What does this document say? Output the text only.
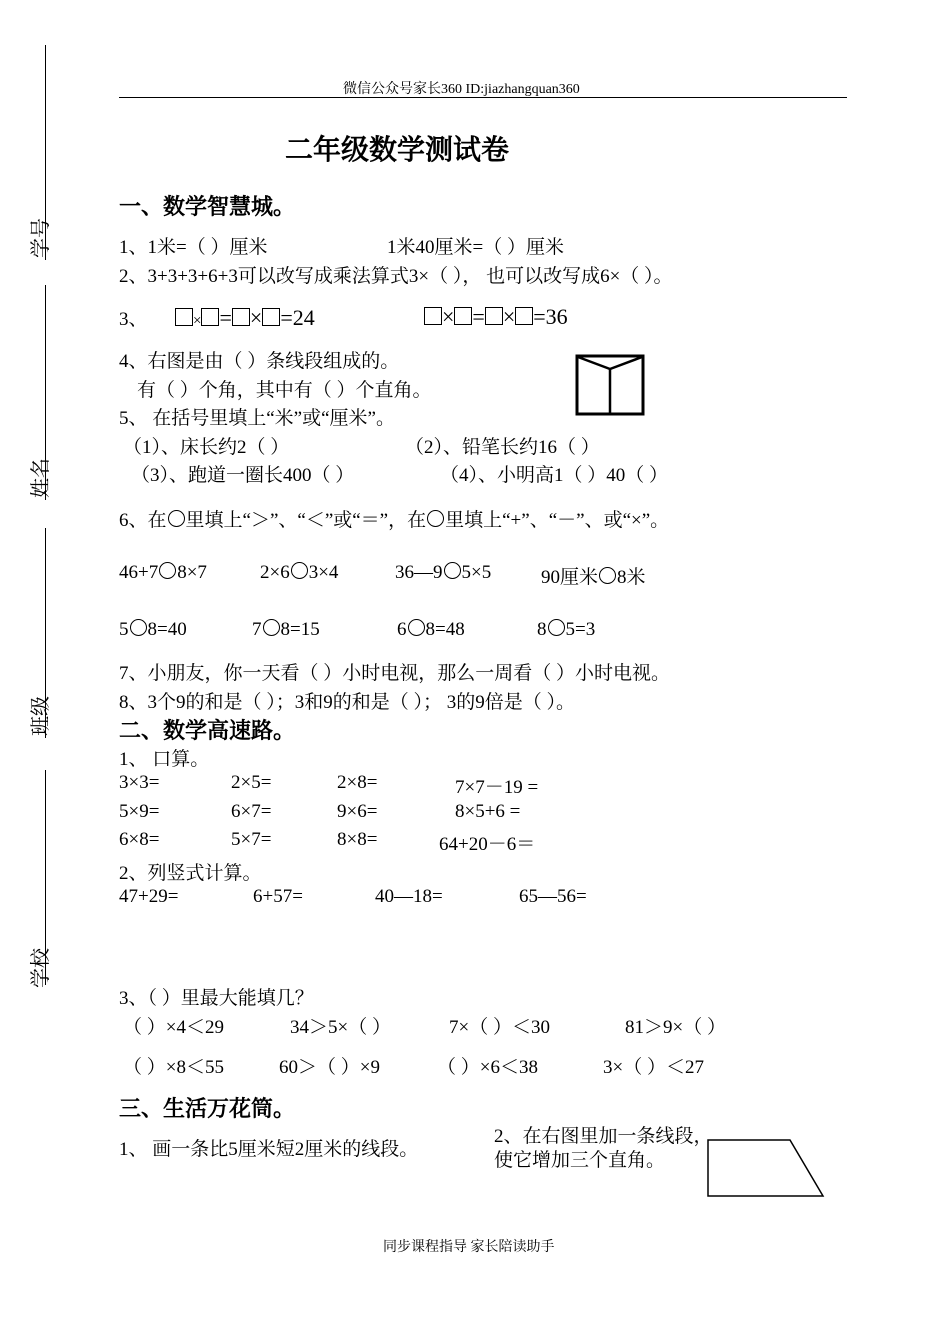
学号
姓名
班级
学校
微信公众号家长360 ID:jiazhangquan360
二年级数学测试卷
一、数学智慧城。
1、1米=（ ）厘米	1米40厘米=（ ）厘米
2、3+3+3+6+3可以改写成乘法算式3×（ ）， 也可以改写成6×（ ）。
3、	× = × =24	× = × =36
4、右图是由（ ）条线段组成的。
有（ ）个角，其中有（ ）个直角。
5、 在括号里填上“米”或“厘米”。
（1）、床长约2（ ）	（2）、铅笔长约16（ ）
（3）、跑道一圈长400（ ）	（4）、小明高1（ ）40（ ）
6、在 里填上“＞”、“＜”或“＝”，在 里填上“+”、“－”、或“×”。
46+7 8×7	2×6 3×4	36—9 5×5	90厘米 8米
5 8=40	7 8=15	6 8=48	8 5=3
7、小朋友，你一天看（ ）小时电视，那么一周看（ ）小时电视。
8、3个9的和是（ ）；3和9的和是（ ）； 3的9倍是（ ）。
二、数学高速路。
1、 口算。
3×3=	2×5=	2×8=	7×7－19 =
5×9=	6×7=	9×6=	8×5+6 =
6×8=	5×7=	8×8=	64+20－6＝
2、列竖式计算。
47+29=	6+57=	40—18=	65—56=
3、（ ）里最大能填几？
（ ）×4＜29	34＞5×（ ）	7×（ ）＜30	81＞9×（ ）
（ ）×8＜55	60＞（ ）×9	（ ）×6＜38	3×（ ）＜27
三、生活万花筒。
1、 画一条比5厘米短2厘米的线段。
2、在右图里加一条线段，
使它增加三个直角。
同步课程指导 家长陪读助手
